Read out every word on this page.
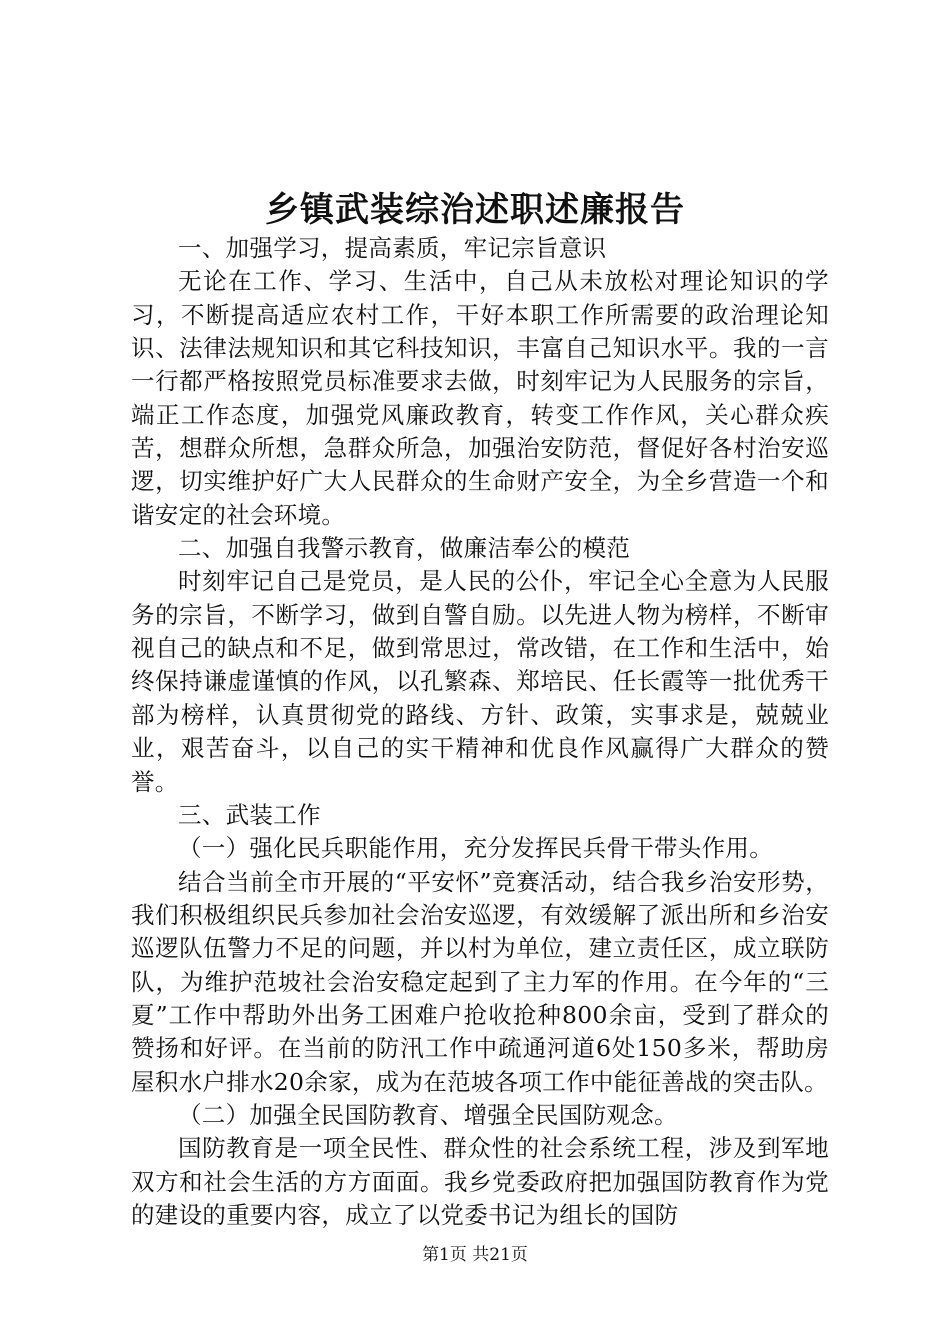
乡镇武装综治述职述廉报告

一、加强学习，提高素质，牢记宗旨意识

无论在工作、学习、生活中，自己从未放松对理论知识的学习，不断提高适应农村工作，干好本职工作所需要的政治理论知识、法律法规知识和其它科技知识，丰富自己知识水平。我的一言一行都严格按照党员标准要求去做，时刻牢记为人民服务的宗旨，端正工作态度，加强党风廉政教育，转变工作作风，关心群众疾苦，想群众所想，急群众所急，加强治安防范，督促好各村治安巡逻，切实维护好广大人民群众的生命财产安全，为全乡营造一个和谐安定的社会环境。

二、加强自我警示教育，做廉洁奉公的模范

时刻牢记自己是党员，是人民的公仆，牢记全心全意为人民服务的宗旨，不断学习，做到自警自励。以先进人物为榜样，不断审视自己的缺点和不足，做到常思过，常改错，在工作和生活中，始终保持谦虚谨慎的作风，以孔繁森、郑培民、任长霞等一批优秀干部为榜样，认真贯彻党的路线、方针、政策，实事求是，兢兢业业，艰苦奋斗，以自己的实干精神和优良作风赢得广大群众的赞誉。

三、武装工作

（一）强化民兵职能作用，充分发挥民兵骨干带头作用。

结合当前全市开展的“平安怀”竞赛活动，结合我乡治安形势，我们积极组织民兵参加社会治安巡逻，有效缓解了派出所和乡治安巡逻队伍警力不足的问题，并以村为单位，建立责任区，成立联防队，为维护范坡社会治安稳定起到了主力军的作用。在今年的“三夏”工作中帮助外出务工困难户抢收抢种800余亩，受到了群众的赞扬和好评。在当前的防汛工作中疏通河道6处150多米，帮助房屋积水户排水20余家，成为在范坡各项工作中能征善战的突击队。

（二）加强全民国防教育、增强全民国防观念。

国防教育是一项全民性、群众性的社会系统工程，涉及到军地双方和社会生活的方方面面。我乡党委政府把加强国防教育作为党的建设的重要内容，成立了以党委书记为组长的国防

第1页 共21页
